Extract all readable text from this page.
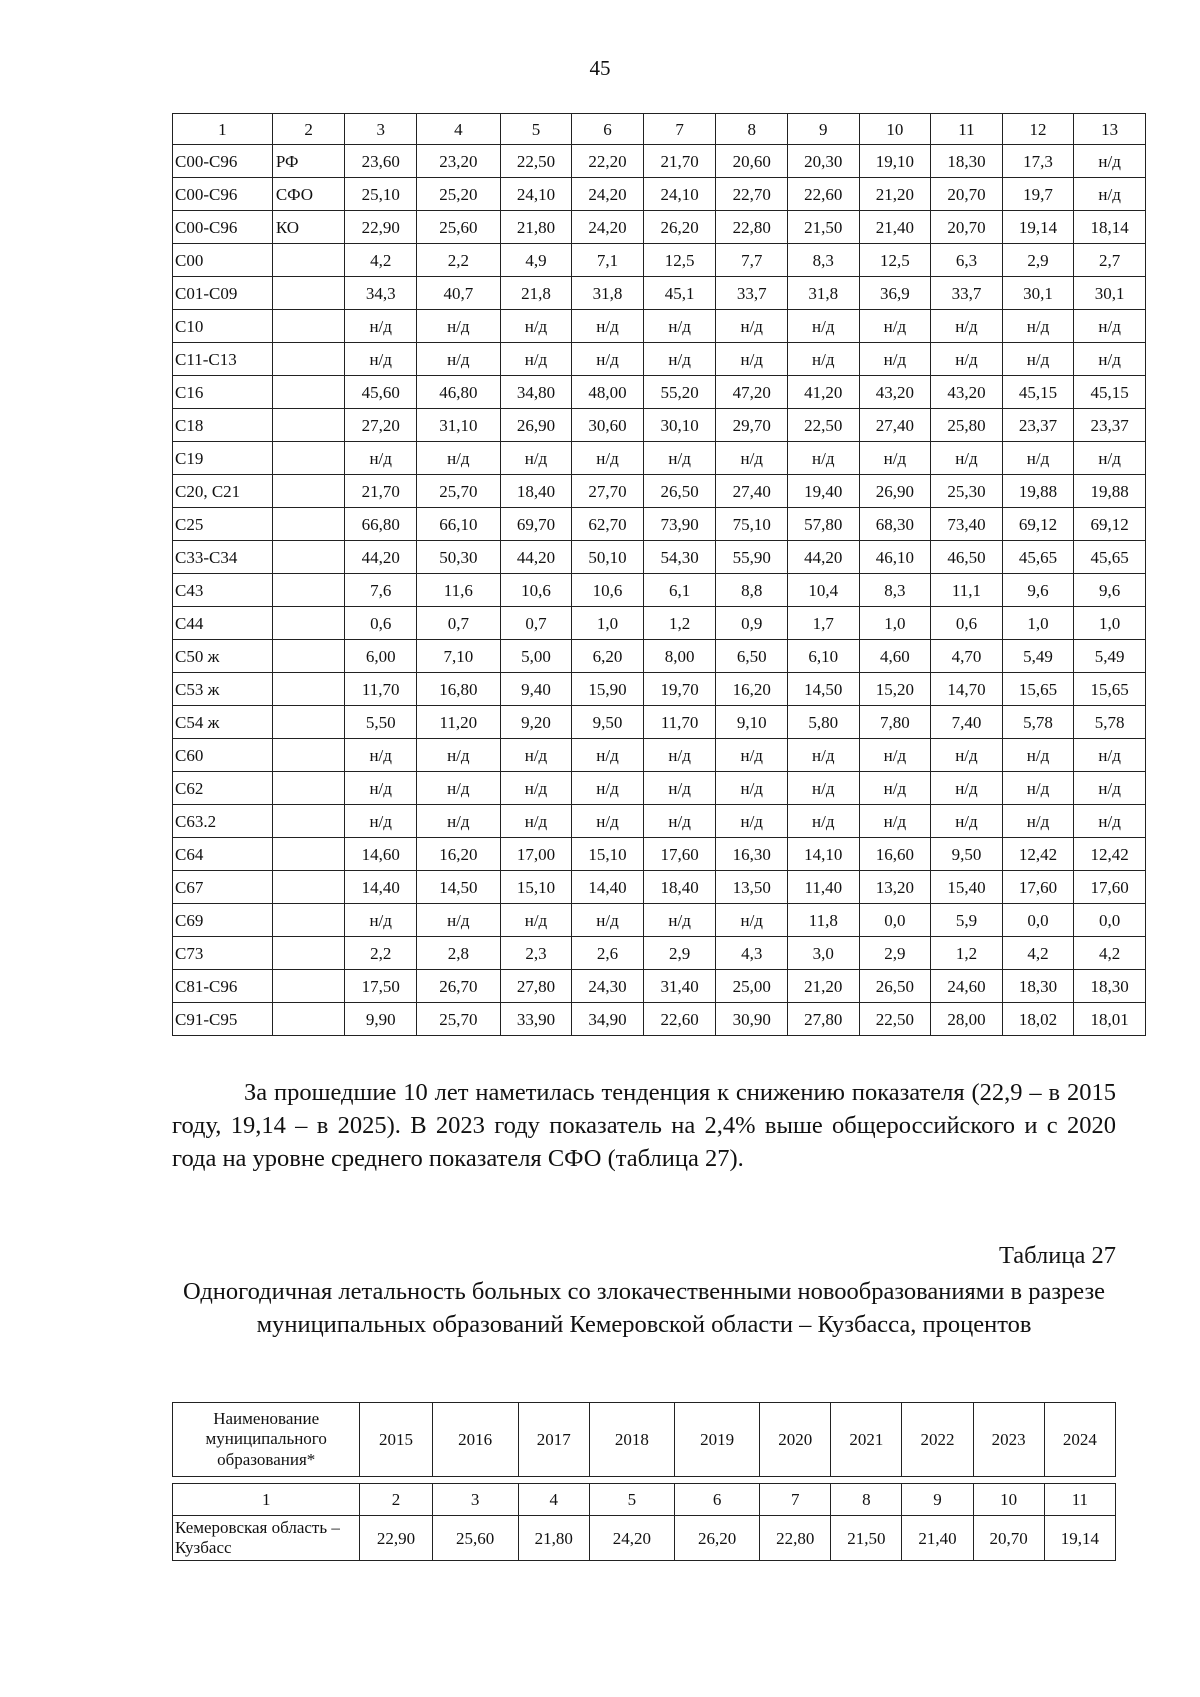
45
1	2	3	4	5	6	7	8	9	10	11	12	13
C00-C96	РФ	23,60	23,20	22,50	22,20	21,70	20,60	20,30	19,10	18,30	17,3	н/д
C00-C96	СФО	25,10	25,20	24,10	24,20	24,10	22,70	22,60	21,20	20,70	19,7	н/д
C00-C96	КО	22,90	25,60	21,80	24,20	26,20	22,80	21,50	21,40	20,70	19,14	18,14
C00		4,2	2,2	4,9	7,1	12,5	7,7	8,3	12,5	6,3	2,9	2,7
C01-C09		34,3	40,7	21,8	31,8	45,1	33,7	31,8	36,9	33,7	30,1	30,1
C10		н/д	н/д	н/д	н/д	н/д	н/д	н/д	н/д	н/д	н/д	н/д
C11-C13		н/д	н/д	н/д	н/д	н/д	н/д	н/д	н/д	н/д	н/д	н/д
C16		45,60	46,80	34,80	48,00	55,20	47,20	41,20	43,20	43,20	45,15	45,15
C18		27,20	31,10	26,90	30,60	30,10	29,70	22,50	27,40	25,80	23,37	23,37
C19		н/д	н/д	н/д	н/д	н/д	н/д	н/д	н/д	н/д	н/д	н/д
C20, C21		21,70	25,70	18,40	27,70	26,50	27,40	19,40	26,90	25,30	19,88	19,88
C25		66,80	66,10	69,70	62,70	73,90	75,10	57,80	68,30	73,40	69,12	69,12
C33-C34		44,20	50,30	44,20	50,10	54,30	55,90	44,20	46,10	46,50	45,65	45,65
C43		7,6	11,6	10,6	10,6	6,1	8,8	10,4	8,3	11,1	9,6	9,6
C44		0,6	0,7	0,7	1,0	1,2	0,9	1,7	1,0	0,6	1,0	1,0
C50 ж		6,00	7,10	5,00	6,20	8,00	6,50	6,10	4,60	4,70	5,49	5,49
C53 ж		11,70	16,80	9,40	15,90	19,70	16,20	14,50	15,20	14,70	15,65	15,65
C54 ж		5,50	11,20	9,20	9,50	11,70	9,10	5,80	7,80	7,40	5,78	5,78
C60		н/д	н/д	н/д	н/д	н/д	н/д	н/д	н/д	н/д	н/д	н/д
C62		н/д	н/д	н/д	н/д	н/д	н/д	н/д	н/д	н/д	н/д	н/д
C63.2		н/д	н/д	н/д	н/д	н/д	н/д	н/д	н/д	н/д	н/д	н/д
C64		14,60	16,20	17,00	15,10	17,60	16,30	14,10	16,60	9,50	12,42	12,42
C67		14,40	14,50	15,10	14,40	18,40	13,50	11,40	13,20	15,40	17,60	17,60
C69		н/д	н/д	н/д	н/д	н/д	н/д	11,8	0,0	5,9	0,0	0,0
C73		2,2	2,8	2,3	2,6	2,9	4,3	3,0	2,9	1,2	4,2	4,2
C81-C96		17,50	26,70	27,80	24,30	31,40	25,00	21,20	26,50	24,60	18,30	18,30
C91-C95		9,90	25,70	33,90	34,90	22,60	30,90	27,80	22,50	28,00	18,02	18,01

За прошедшие 10 лет наметилась тенденция к снижению показателя (22,9 – в 2015 году, 19,14 – в 2025). В 2023 году показатель на 2,4% выше общероссийского и с 2020 года на уровне среднего показателя СФО (таблица 27).

Таблица 27
Одногодичная летальность больных со злокачественными новообразованиями в разрезе муниципальных образований Кемеровской области – Кузбасса, процентов
Наименование муниципального образования*	2015	2016	2017	2018	2019	2020	2021	2022	2023	2024

1	2	3	4	5	6	7	8	9	10	11
Кемеровская область – Кузбасс	22,90	25,60	21,80	24,20	26,20	22,80	21,50	21,40	20,70	19,14
